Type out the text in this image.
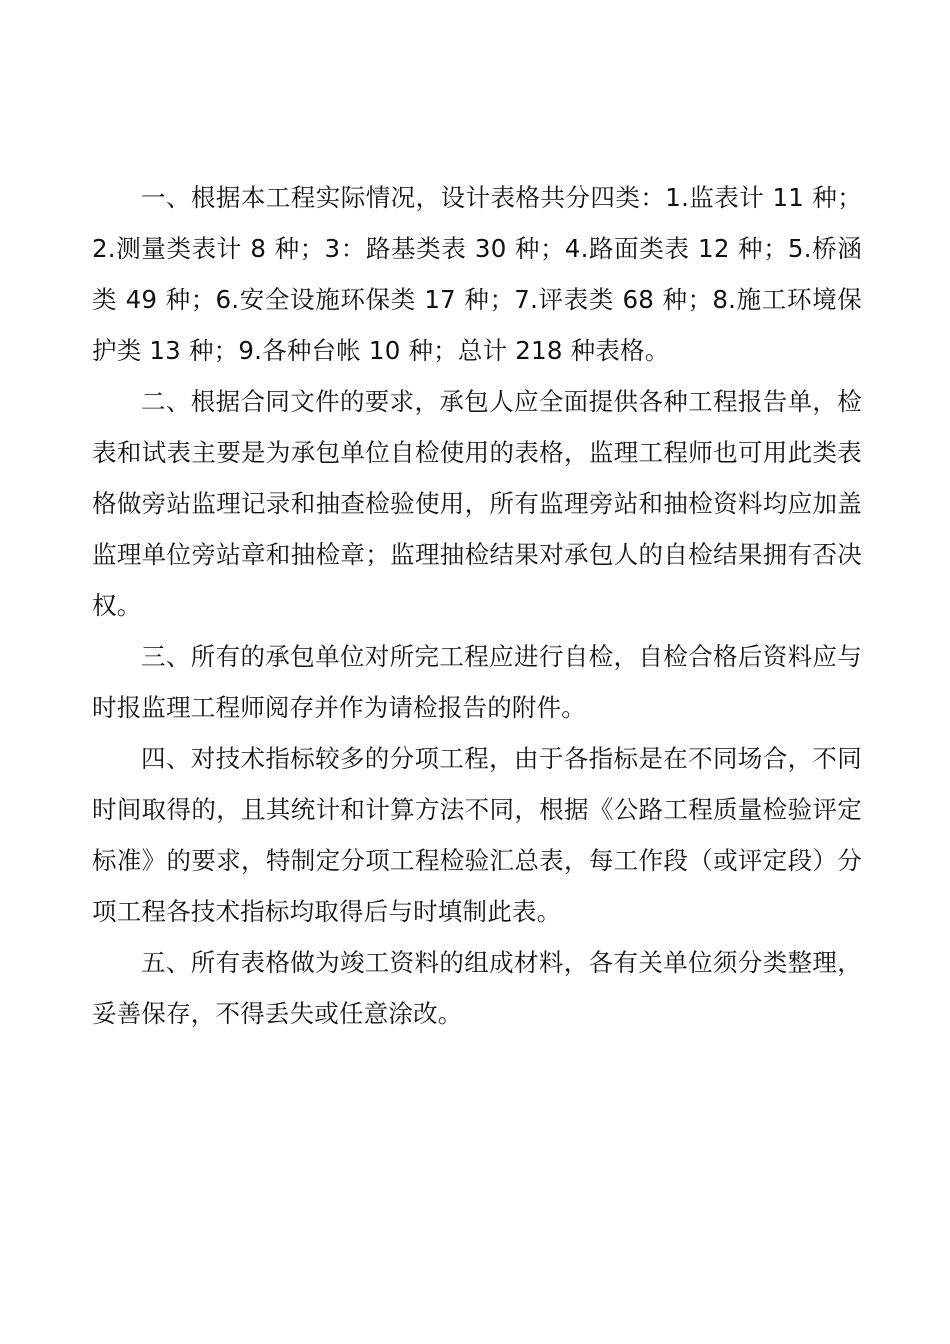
一、根据本工程实际情况，设计表格共分四类：1.监表计 11 种；2.测量类表计 8 种；3：路基类表 30 种；4.路面类表 12 种；5.桥涵类 49 种；6.安全设施环保类 17 种；7.评表类 68 种；8.施工环境保护类 13 种；9.各种台帐 10 种；总计 218 种表格。

二、根据合同文件的要求，承包人应全面提供各种工程报告单，检表和试表主要是为承包单位自检使用的表格，监理工程师也可用此类表格做旁站监理记录和抽查检验使用，所有监理旁站和抽检资料均应加盖监理单位旁站章和抽检章；监理抽检结果对承包人的自检结果拥有否决权。

三、所有的承包单位对所完工程应进行自检，自检合格后资料应与时报监理工程师阅存并作为请检报告的附件。

四、对技术指标较多的分项工程，由于各指标是在不同场合，不同时间取得的，且其统计和计算方法不同，根据《公路工程质量检验评定标准》的要求，特制定分项工程检验汇总表，每工作段（或评定段）分项工程各技术指标均取得后与时填制此表。

五、所有表格做为竣工资料的组成材料，各有关单位须分类整理，妥善保存，不得丢失或任意涂改。
